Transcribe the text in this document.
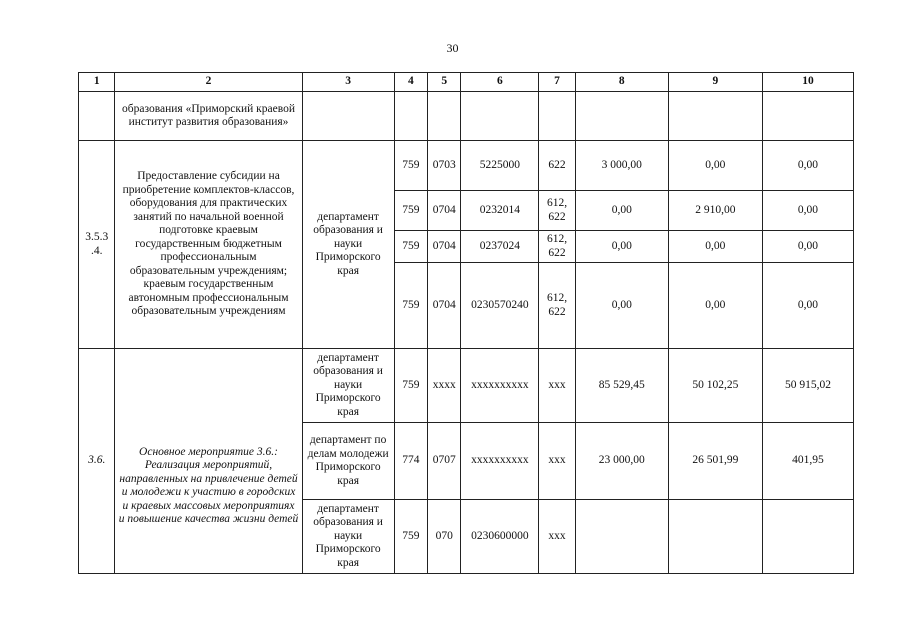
30
1	2	3	4	5	6	7	8	9	10
	образования «Приморский краевой институт развития образования»								
3.5.3 .4.	Предоставление субсидии на приобретение комплектов-классов, оборудования для практических занятий по начальной военной подготовке краевым государственным бюджетным профессиональным образовательным учреждениям; краевым государственным автономным профессиональным образовательным учреждениям	департамент образования и науки Приморского края	759	0703	5225000	622	3 000,00	0,00	0,00
			759	0704	0232014	612, 622	0,00	2 910,00	0,00
			759	0704	0237024	612, 622	0,00	0,00	0,00
			759	0704	0230570240	612, 622	0,00	0,00	0,00
3.6.	Основное мероприятие 3.6.: Реализация мероприятий, направленных на привлечение детей и молодежи к участию в городских и краевых массовых мероприятиях и повышение качества жизни детей	департамент образования и науки Приморского края	759	xxxx	xxxxxxxxxx	xxx	85 529,45	50 102,25	50 915,02
		департамент по делам молодежи Приморского края	774	0707	xxxxxxxxxx	xxx	23 000,00	26 501,99	401,95
		департамент образования и науки Приморского края	759	070	0230600000	xxx			
